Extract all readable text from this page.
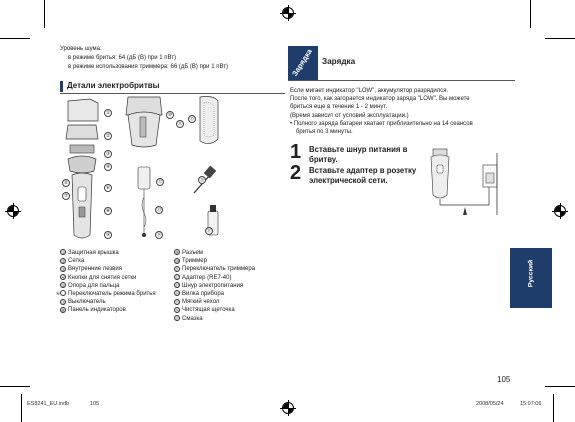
Уровень шума:
в режиме бритья: 64 (дБ (В) при 1 пВт)
в режиме использования триммера: 66 (дБ (В) при 1 пВт)
Детали электробритвы
①
②
③
④
⑤
⑥
⑦
⑧
⑨
⑩
⑪
⑫
⑬
⑭
⑮
⑯
⑰
① Защитная крышка
② Сетка
③ Внутренние лезвия
④ Кнопки для снятия сетки
⑤ Опора для пальца
⑥ Переключатель режима бритья
⑦ Выключатель
⑧ Панель индикаторов
⑨ Разъем
⑩ Триммер
⑪ Переключатель триммера
⑫ Адаптер (RE7-40)
⑬ Шнур электропитания
⑭ Вилка прибора
⑮ Мягкий чехол
⑯ Чистящая щеточка
⑰ Смазка
Зарядка Зарядка
Если мигает индикатор "LOW", аккумулятор разрядился.
После того, как загорается индикатор зарядa "LOW". Вы можете
бриться еще в течение 1 - 2 минут.
(Время зависит от условий эксплуатации.)
• Полного заряда батареи хватает приблизительно на 14 сеансов
бритья по 3 минуты.
1 Вставьте шнур питания в бритву.
2 Вставьте адаптер в розетку электрической сети.
Русский
105
ES8241_EU.indb	105	2008/05/24	15:07:06
